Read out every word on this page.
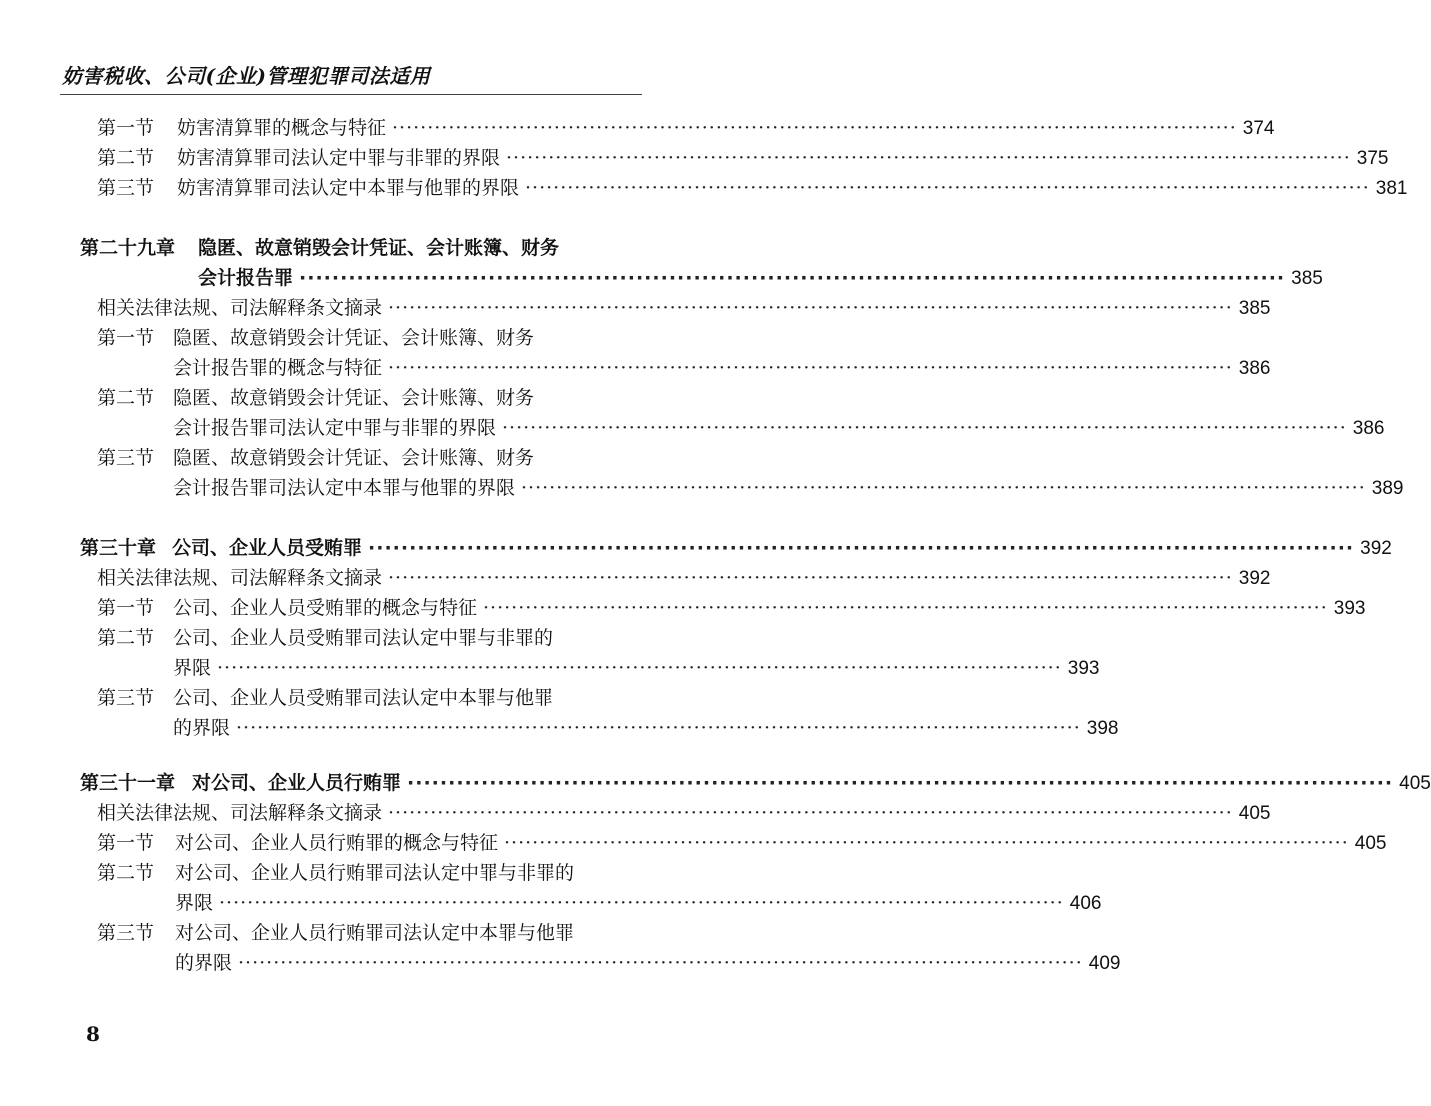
妨害税收、公司(企业)管理犯罪司法适用
第一节	妨害清算罪的概念与特征 ························································································································ 374
第二节	妨害清算罪司法认定中罪与非罪的界限 ························································································································ 375
第三节	妨害清算罪司法认定中本罪与他罪的界限 ························································································································ 381
第二十九章	隐匿、故意销毁会计凭证、会计账簿、财务
会计报告罪 ························································································································ 385
相关法律法规、司法解释条文摘录 ························································································································ 385
第一节 隐匿、故意销毁会计凭证、会计账簿、财务
会计报告罪的概念与特征 ························································································································ 386
第二节 隐匿、故意销毁会计凭证、会计账簿、财务
会计报告罪司法认定中罪与非罪的界限 ························································································································ 386
第三节 隐匿、故意销毁会计凭证、会计账簿、财务
会计报告罪司法认定中本罪与他罪的界限 ························································································································ 389
第三十章 公司、企业人员受贿罪 ························································································································ 392
相关法律法规、司法解释条文摘录 ························································································································ 392
第一节 公司、企业人员受贿罪的概念与特征 ························································································································ 393
第二节 公司、企业人员受贿罪司法认定中罪与非罪的
界限 ························································································································ 393
第三节 公司、企业人员受贿罪司法认定中本罪与他罪
的界限 ························································································································ 398
第三十一章 对公司、企业人员行贿罪 ························································································································ 405
相关法律法规、司法解释条文摘录 ························································································································ 405
第一节	对公司、企业人员行贿罪的概念与特征 ························································································································ 405
第二节	对公司、企业人员行贿罪司法认定中罪与非罪的
界限 ························································································································ 406
第三节	对公司、企业人员行贿罪司法认定中本罪与他罪
的界限 ························································································································ 409
8
